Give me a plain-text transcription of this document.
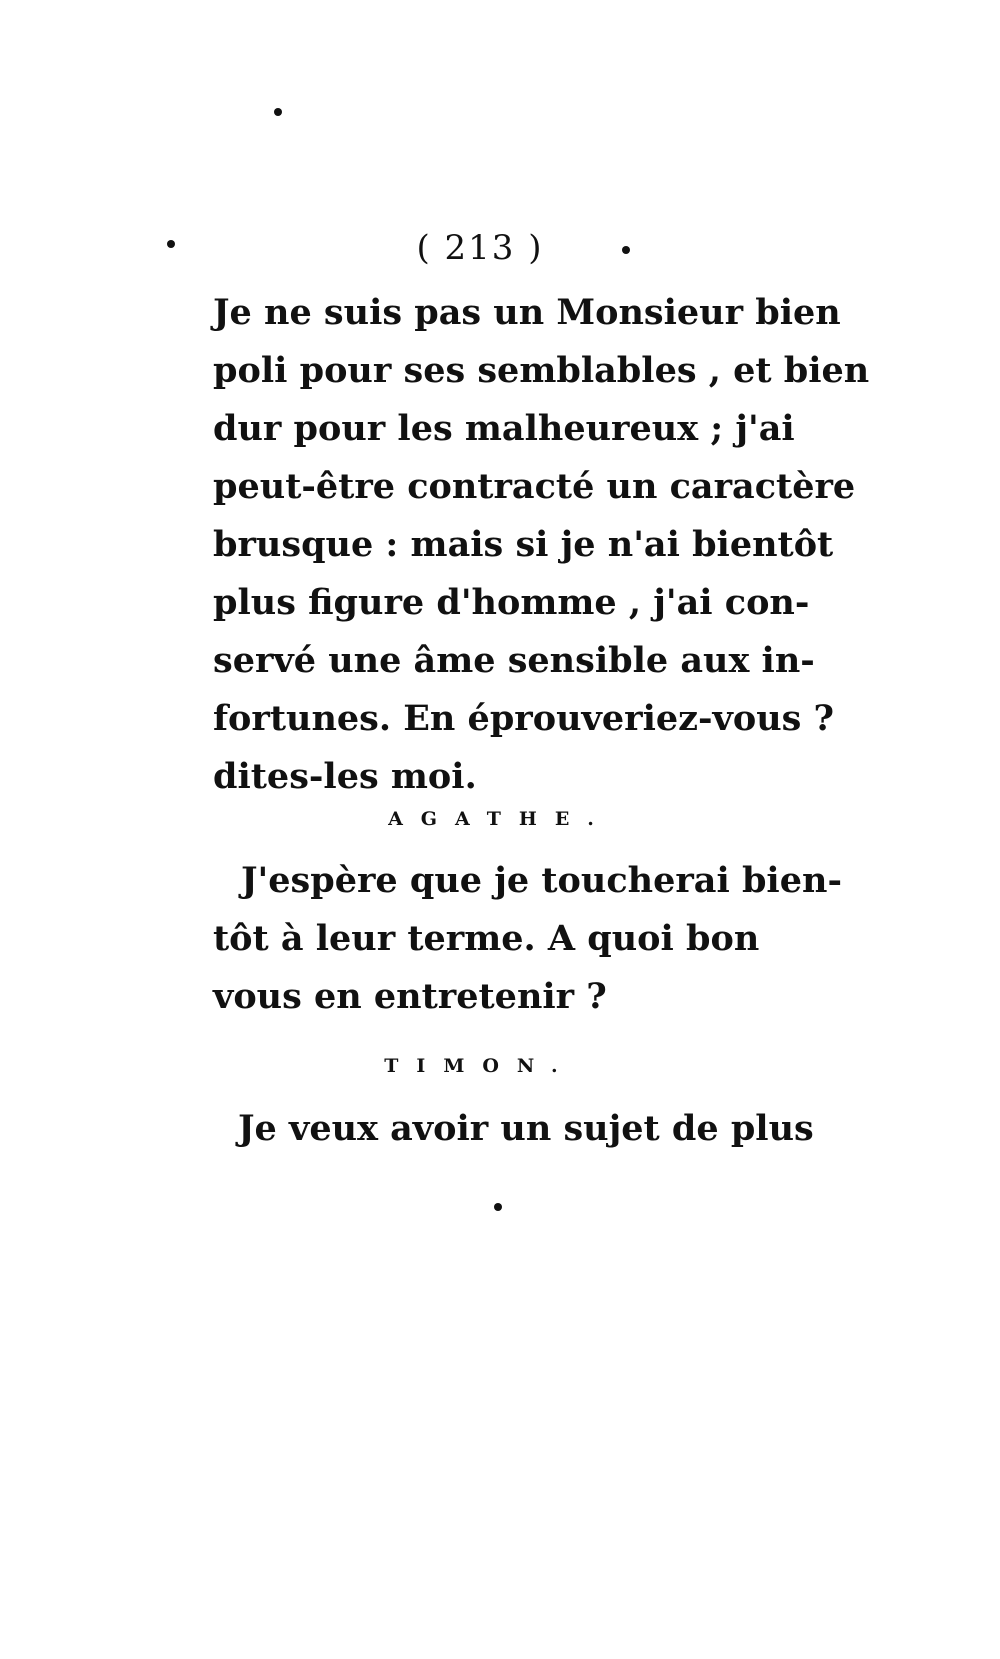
( 213 )
Je ne suis pas un Monsieur bien
poli pour ses semblables , et bien
dur pour les malheureux ; j'ai
peut-être contracté un caractère
brusque : mais si je n'ai bientôt
plus figure d'homme , j'ai con-
servé une âme sensible aux in-
fortunes. En éprouveriez-vous ?
dites-les moi.
AGATHE.
J'espère que je toucherai bien-
tôt à leur terme. A quoi bon
vous en entretenir ?
TIMON.
Je veux avoir un sujet de plus
